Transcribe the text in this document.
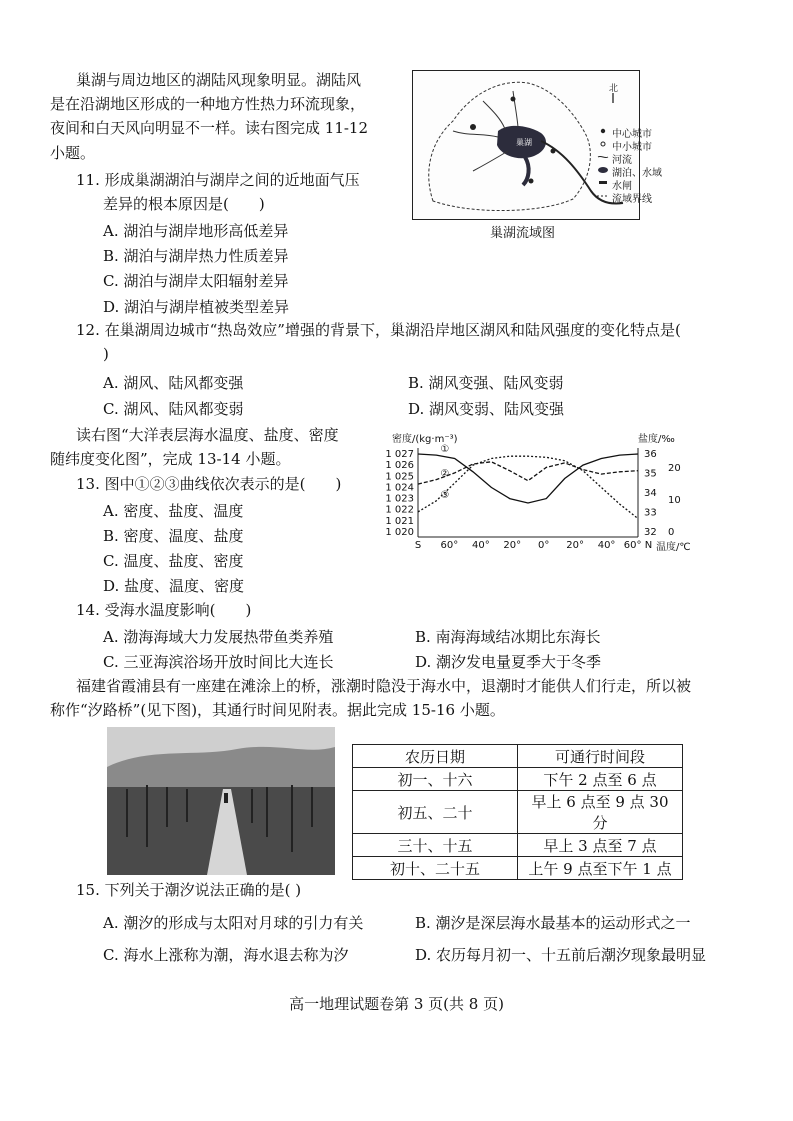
巢湖与周边地区的湖陆风现象明显。湖陆风
是在沿湖地区形成的一种地方性热力环流现象，
夜间和白天风向明显不一样。读右图完成 11-12
小题。
巢湖
北
中心城市
中小城市
河流
湖泊、水域
水闸
流域界线
巢湖流域图
11. 形成巢湖湖泊与湖岸之间的近地面气压
差异的根本原因是(　　)
A. 湖泊与湖岸地形高低差异
B. 湖泊与湖岸热力性质差异
C. 湖泊与湖岸太阳辐射差异
D. 湖泊与湖岸植被类型差异
12. 在巢湖周边城市“热岛效应”增强的背景下，巢湖沿岸地区湖风和陆风强度的变化特点是(
)
A. 湖风、陆风都变强	B. 湖风变强、陆风变弱
C. 湖风、陆风都变弱	D. 湖风变弱、陆风变强
读右图“大洋表层海水温度、盐度、密度
随纬度变化图”，完成 13-14 小题。
密度/(kg·m⁻³)	盐度/‰
温度/℃
1 027
1 026
1 025
1 024
1 023
1 022
1 021
1 020
36
35
34
33
32
20
10
0
S 60° 40° 20° 0° 20° 40° 60° N
①
②
③
13. 图中①②③曲线依次表示的是(　　)
A. 密度、盐度、温度
B. 密度、温度、盐度
C. 温度、盐度、密度
D. 盐度、温度、密度
14. 受海水温度影响(　　)
A. 渤海海域大力发展热带鱼类养殖	B. 南海海域结冰期比东海长
C. 三亚海滨浴场开放时间比大连长	D. 潮汐发电量夏季大于冬季
福建省霞浦县有一座建在滩涂上的桥，涨潮时隐没于海水中，退潮时才能供人们行走，所以被
称作“汐路桥”(见下图)，其通行时间见附表。据此完成 15-16 小题。
农历日期	可通行时间段
初一、十六	下午 2 点至 6 点
初五、二十	早上 6 点至 9 点 30 分
三十、十五	早上 3 点至 7 点
初十、二十五	上午 9 点至下午 1 点
15. 下列关于潮汐说法正确的是( )
A. 潮汐的形成与太阳对月球的引力有关	B. 潮汐是深层海水最基本的运动形式之一
C. 海水上涨称为潮，海水退去称为汐	D. 农历每月初一、十五前后潮汐现象最明显
高一地理试题卷第 3 页(共 8 页)
